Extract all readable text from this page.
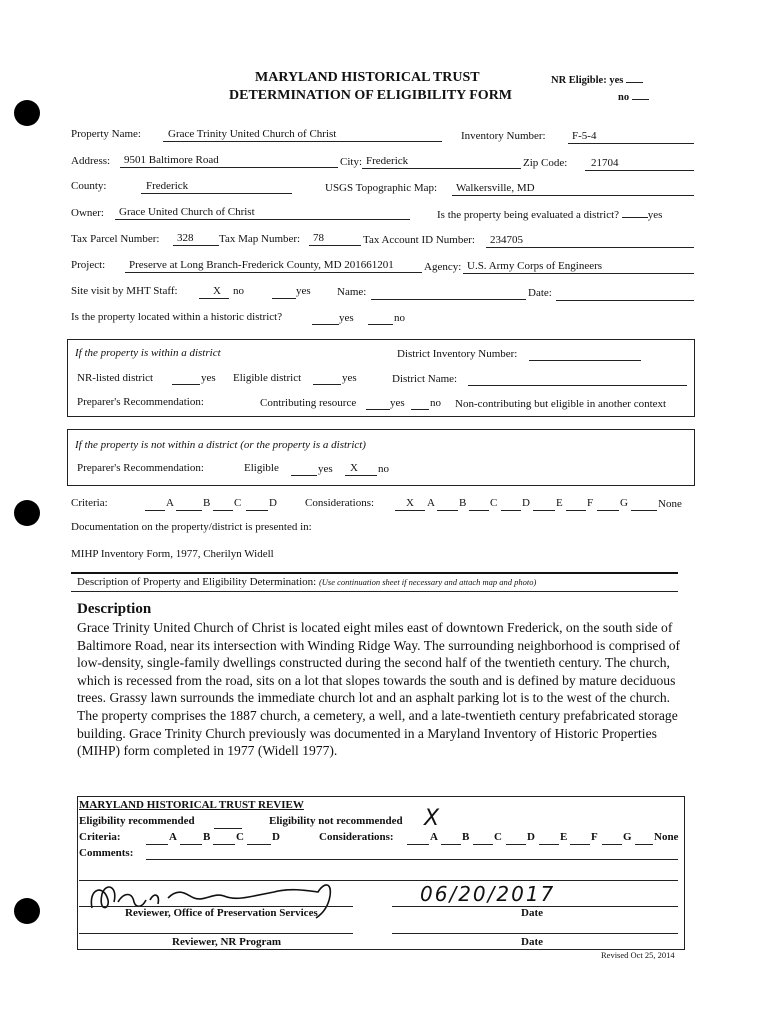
MARYLAND HISTORICAL TRUST
DETERMINATION OF ELIGIBILITY FORM
NR Eligible: yes
no
Property Name: Grace Trinity United Church of Christ	Inventory Number: F-5-4
Address: 9501 Baltimore Road	City: Frederick	Zip Code: 21704
County:	Frederick	USGS Topographic Map: Walkersville, MD
Owner: Grace United Church of Christ	Is the property being evaluated a district?	yes
Tax Parcel Number: 328 Tax Map Number: 78	Tax Account ID Number: 234705
Project: Preserve at Long Branch-Frederick County, MD 201661201	Agency: U.S. Army Corps of Engineers
Site visit by MHT Staff:	X no	yes Name:	Date:
Is the property located within a historic district?	yes	no
If the property is within a district	District Inventory Number:
NR-listed district	yes Eligible district	yes	District Name:
Preparer's Recommendation:	Contributing resource	yes no Non-contributing but eligible in another context
If the property is not within a district (or the property is a district)
Preparer's Recommendation:	Eligible	yes X no
Criteria:	A	B C	D	Considerations:	X A B C D E F G	None
Documentation on the property/district is presented in:
MIHP Inventory Form, 1977, Cherilyn Widell
Description of Property and Eligibility Determination: (Use continuation sheet if necessary and attach map and photo)
Description
Grace Trinity United Church of Christ is located eight miles east of downtown Frederick, on the south side of Baltimore Road, near its intersection with Winding Ridge Way. The surrounding neighborhood is comprised of low-density, single-family dwellings constructed during the second half of the twentieth century. The church, which is recessed from the road, sits on a lot that slopes towards the south and is defined by mature deciduous trees. Grassy lawn surrounds the immediate church lot and an asphalt parking lot is to the west of the church. The property comprises the 1887 church, a cemetery, a well, and a late-twentieth century prefabricated storage building. Grace Trinity Church previously was documented in a Maryland Inventory of Historic Properties (MIHP) form completed in 1977 (Widell 1977).
MARYLAND HISTORICAL TRUST REVIEW
Eligibility recommended	Eligibility not recommended X
Criteria:	A B C	D	Considerations:	A B C D E F G None
Comments:
06/20/2017
Reviewer, Office of Preservation Services	Date
Reviewer, NR Program	Date
Revised Oct 25, 2014
